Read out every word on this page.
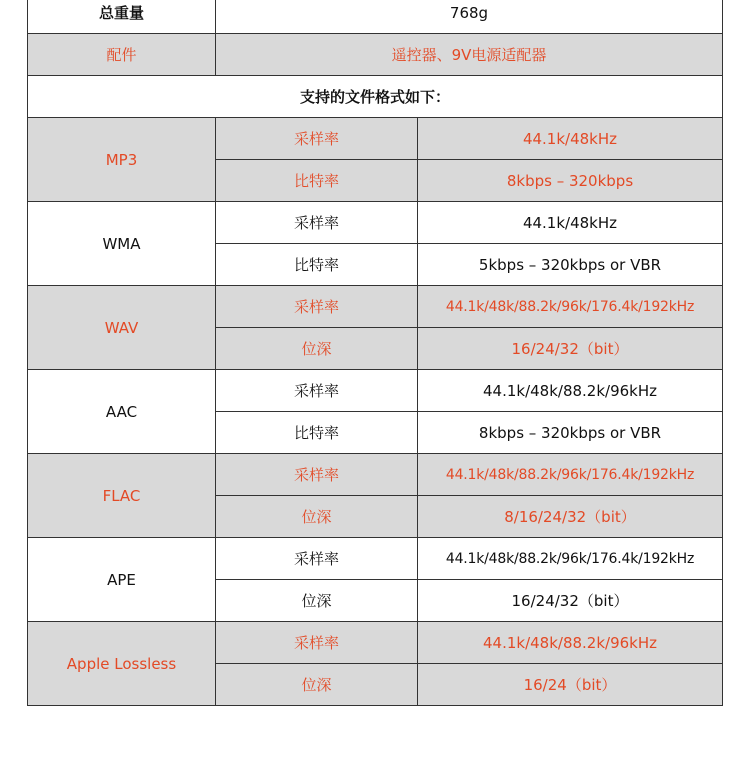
总重量	768g	
配件	遥控器、9V电源适配器	
支持的文件格式如下：		
MP3	采样率	44.1k/48kHz
	比特率	8kbps – 320kbps
WMA	采样率	44.1k/48kHz
	比特率	5kbps – 320kbps or VBR
WAV	采样率	44.1k/48k/88.2k/96k/176.4k/192kHz
	位深	16/24/32（bit）
AAC	采样率	44.1k/48k/88.2k/96kHz
	比特率	8kbps – 320kbps or VBR
FLAC	采样率	44.1k/48k/88.2k/96k/176.4k/192kHz
	位深	8/16/24/32（bit）
APE	采样率	44.1k/48k/88.2k/96k/176.4k/192kHz
	位深	16/24/32（bit）
Apple Lossless	采样率	44.1k/48k/88.2k/96kHz
	位深	16/24（bit）
